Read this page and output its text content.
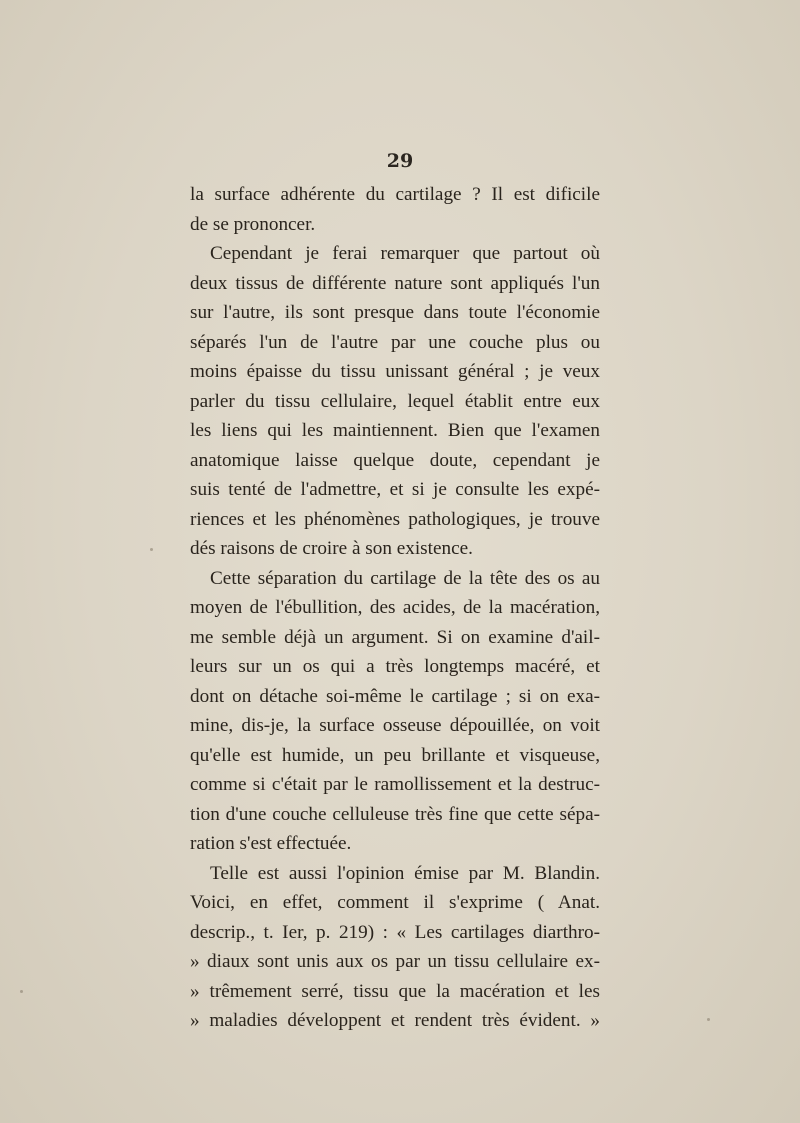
29
la surface adhérente du cartilage ? Il est dificile
de se prononcer.
Cependant je ferai remarquer que partout où
deux tissus de différente nature sont appliqués l'un
sur l'autre, ils sont presque dans toute l'économie
séparés l'un de l'autre par une couche plus ou
moins épaisse du tissu unissant général ; je veux
parler du tissu cellulaire, lequel établit entre eux
les liens qui les maintiennent. Bien que l'examen
anatomique laisse quelque doute, cependant je
suis tenté de l'admettre, et si je consulte les expé-
riences et les phénomènes pathologiques, je trouve
dés raisons de croire à son existence.
Cette séparation du cartilage de la tête des os au
moyen de l'ébullition, des acides, de la macération,
me semble déjà un argument. Si on examine d'ail-
leurs sur un os qui a très longtemps macéré, et
dont on détache soi-même le cartilage ; si on exa-
mine, dis-je, la surface osseuse dépouillée, on voit
qu'elle est humide, un peu brillante et visqueuse,
comme si c'était par le ramollissement et la destruc-
tion d'une couche celluleuse très fine que cette sépa-
ration s'est effectuée.
Telle est aussi l'opinion émise par M. Blandin.
Voici, en effet, comment il s'exprime ( Anat.
descrip., t. Ier, p. 219) : « Les cartilages diarthro-
» diaux sont unis aux os par un tissu cellulaire ex-
» trêmement serré, tissu que la macération et les
» maladies développent et rendent très évident. »
